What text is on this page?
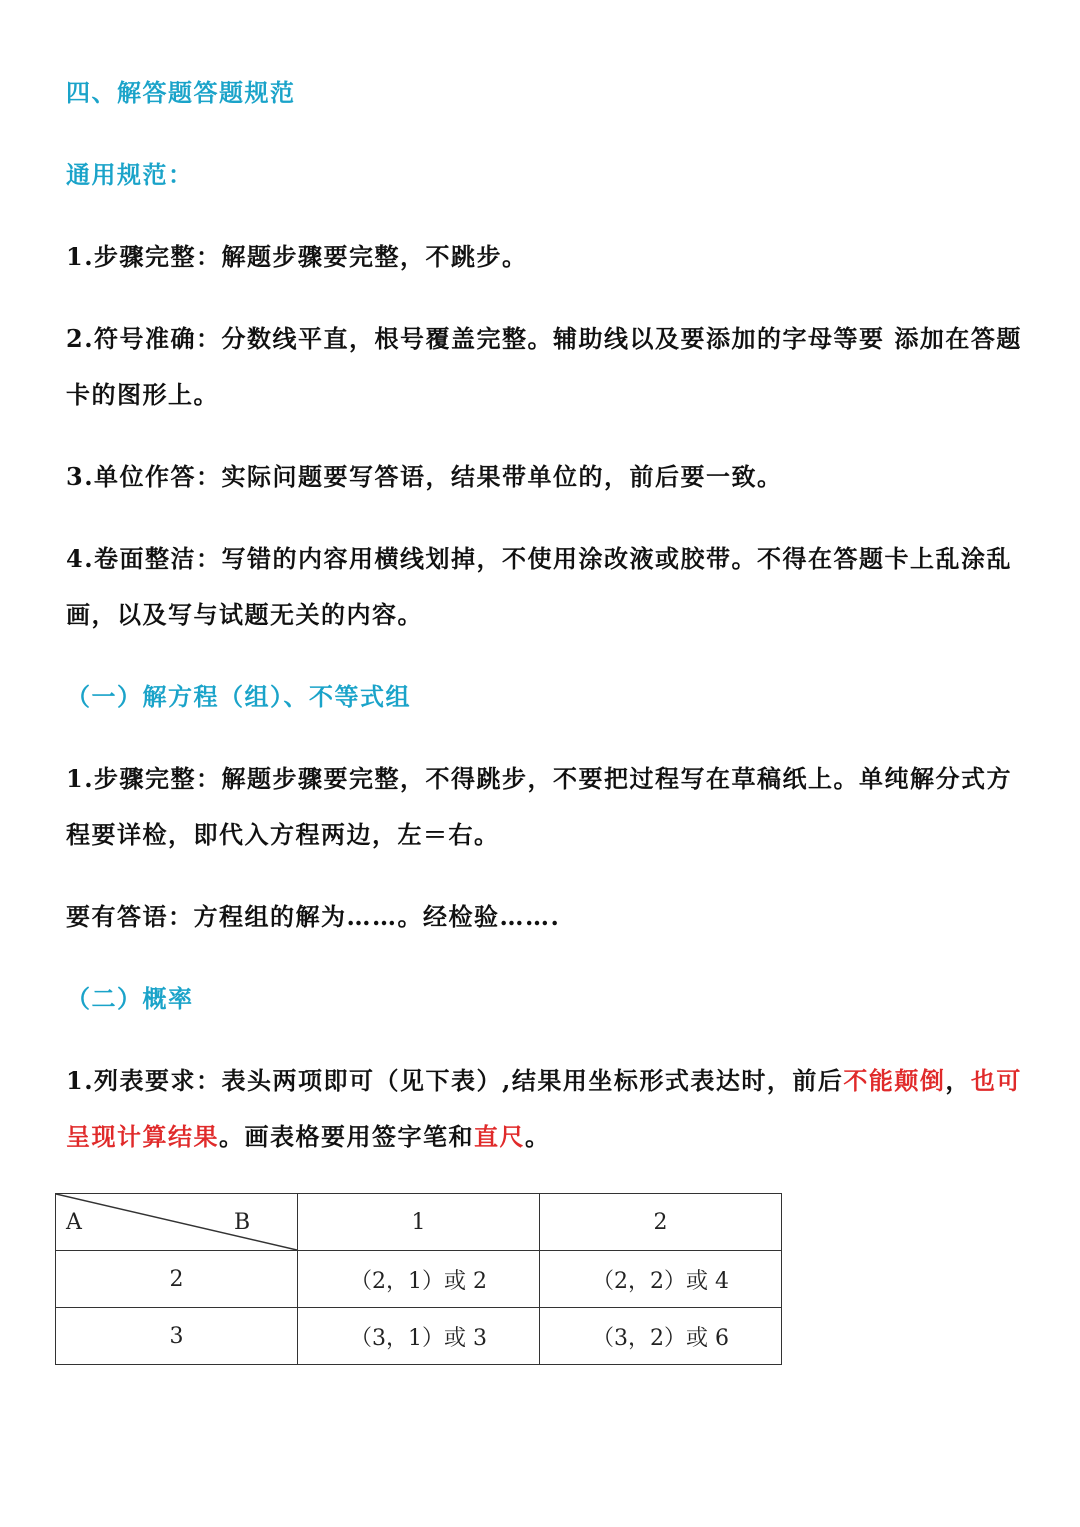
四、解答题答题规范
通用规范：
1.步骤完整：解题步骤要完整，不跳步。
2.符号准确：分数线平直，根号覆盖完整。辅助线以及要添加的字母等要 添加在答题
卡的图形上。
3.单位作答：实际问题要写答语，结果带单位的，前后要一致。
4.卷面整洁：写错的内容用横线划掉，不使用涂改液或胶带。不得在答题卡上乱涂乱
画，以及写与试题无关的内容。
（一）解方程（组）、不等式组
1.步骤完整：解题步骤要完整，不得跳步，不要把过程写在草稿纸上。单纯解分式方
程要详检，即代入方程两边，左＝右。
要有答语：方程组的解为……。经检验…….
（二）概率
1.列表要求：表头两项即可（见下表）,结果用坐标形式表达时，前后不能颠倒，也可
呈现计算结果。画表格要用签字笔和直尺。
A B	1	2
2	（2，1）或 2	（2，2）或 4
3	（3，1）或 3	（3，2）或 6
